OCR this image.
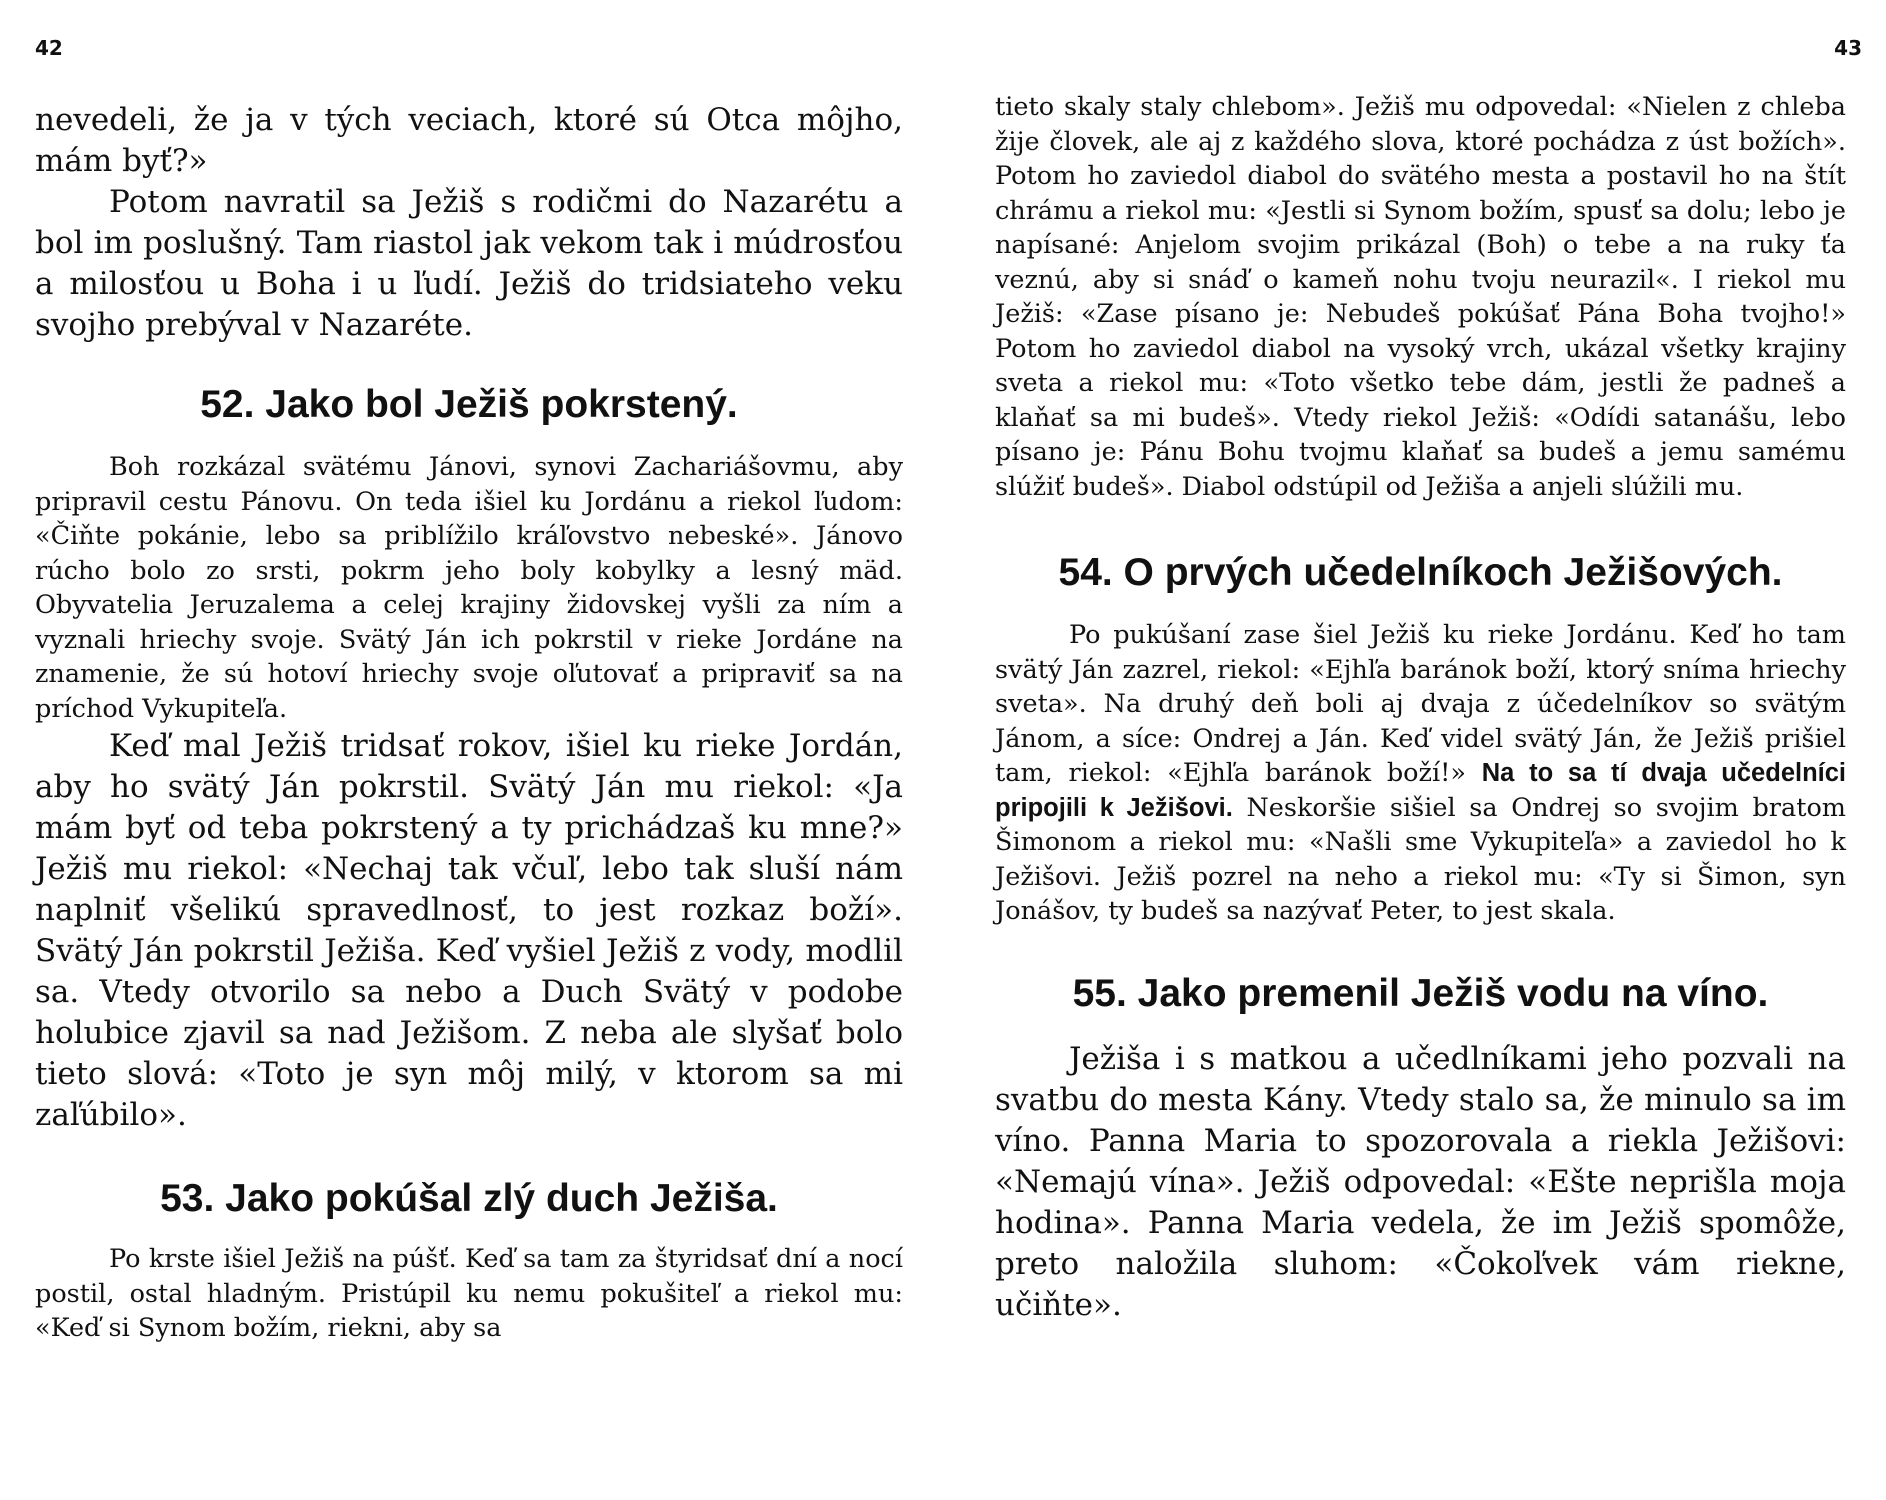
42

nevedeli, že ja v tých veciach, ktoré sú Otca môjho, mám byť?»

Potom navratil sa Ježiš s rodičmi do Nazarétu a bol im poslušný. Tam riastol jak vekom tak i múdrosťou a milosťou u Boha i u ľudí. Ježiš do tridsiateho veku svojho prebýval v Nazaréte.

52. Jako bol Ježiš pokrstený.

Boh rozkázal svätému Jánovi, synovi Zachariášovmu, aby pripravil cestu Pánovu. On teda išiel ku Jordánu a riekol ľudom: «Čiňte pokánie, lebo sa priblížilo kráľovstvo nebeské». Jánovo rúcho bolo zo srsti, pokrm jeho boly kobylky a lesný mäd. Obyvatelia Jeruzalema a celej krajiny židovskej vyšli za ním a vyznali hriechy svoje. Svätý Ján ich pokrstil v rieke Jordáne na znamenie, že sú hotoví hriechy svoje oľutovať a pripraviť sa na príchod Vykupiteľa.

Keď mal Ježiš tridsať rokov, išiel ku rieke Jordán, aby ho svätý Ján pokrstil. Svätý Ján mu riekol: «Ja mám byť od teba pokrstený a ty prichádzaš ku mne?» Ježiš mu riekol: «Nechaj tak včuľ, lebo tak sluší nám naplniť všelikú spravedlnosť, to jest rozkaz boží». Svätý Ján pokrstil Ježiša. Keď vyšiel Ježiš z vody, modlil sa. Vtedy otvorilo sa nebo a Duch Svätý v podobe holubice zjavil sa nad Ježišom. Z neba ale slyšať bolo tieto slová: «Toto je syn môj milý, v ktorom sa mi zaľúbilo».

53. Jako pokúšal zlý duch Ježiša.

Po krste išiel Ježiš na púšť. Keď sa tam za štyridsať dní a nocí postil, ostal hladným. Pristúpil ku nemu pokušiteľ a riekol mu: «Keď si Synom božím, riekni, aby sa

43

tieto skaly staly chlebom». Ježiš mu odpovedal: «Nielen z chleba žije človek, ale aj z každého slova, ktoré pochádza z úst božích». Potom ho zaviedol diabol do svätého mesta a postavil ho na štít chrámu a riekol mu: «Jestli si Synom božím, spusť sa dolu; lebo je napísané: Anjelom svojim prikázal (Boh) o tebe a na ruky ťa veznú, aby si snáď o kameň nohu tvoju neurazil«. I riekol mu Ježiš: «Zase písano je: Nebudeš pokúšať Pána Boha tvojho!» Potom ho zaviedol diabol na vysoký vrch, ukázal všetky krajiny sveta a riekol mu: «Toto všetko tebe dám, jestli že padneš a klaňať sa mi budeš». Vtedy riekol Ježiš: «Odídi satanášu, lebo písano je: Pánu Bohu tvojmu klaňať sa budeš a jemu samému slúžiť budeš». Diabol odstúpil od Ježiša a anjeli slúžili mu.

54. O prvých učedelníkoch Ježišových.

Po pukúšaní zase šiel Ježiš ku rieke Jordánu. Keď ho tam svätý Ján zazrel, riekol: «Ejhľa baránok boží, ktorý sníma hriechy sveta». Na druhý deň boli aj dvaja z účedelníkov so svätým Jánom, a síce: Ondrej a Ján. Keď videl svätý Ján, že Ježiš prišiel tam, riekol: «Ejhľa baránok boží!» Na to sa tí dvaja učedelníci pripojili k Ježišovi. Neskoršie sišiel sa Ondrej so svojim bratom Šimonom a riekol mu: «Našli sme Vykupiteľa» a zaviedol ho k Ježišovi. Ježiš pozrel na neho a riekol mu: «Ty si Šimon, syn Jonášov, ty budeš sa nazývať Peter, to jest skala.

55. Jako premenil Ježiš vodu na víno.

Ježiša i s matkou a učedlníkami jeho pozvali na svatbu do mesta Kány. Vtedy stalo sa, že minulo sa im víno. Panna Maria to spozorovala a riekla Ježišovi: «Nemajú vína». Ježiš odpovedal: «Ešte neprišla moja hodina». Panna Maria vedela, že im Ježiš spomôže, preto naložila sluhom: «Čokoľvek vám riekne, učiňte».
